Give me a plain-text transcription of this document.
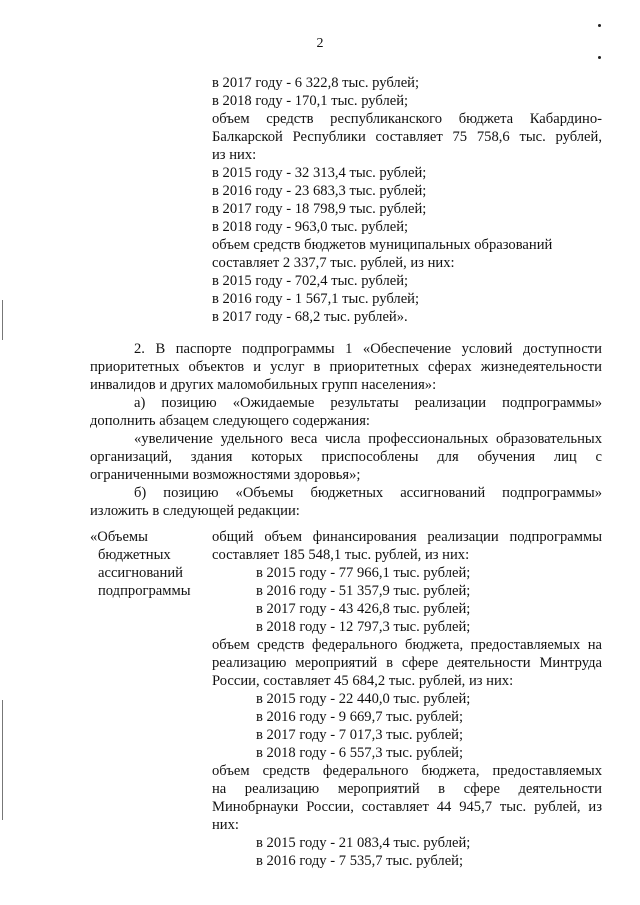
2
в 2017 году - 6 322,8 тыс. рублей;
в 2018 году - 170,1 тыс. рублей;
объем средств республиканского бюджета Кабардино-
Балкарской Республики составляет 75 758,6 тыс. рублей,
из них:
в 2015 году - 32 313,4 тыс. рублей;
в 2016 году - 23 683,3 тыс. рублей;
в 2017 году - 18 798,9 тыс. рублей;
в 2018 году - 963,0 тыс. рублей;
объем средств бюджетов муниципальных образований
составляет 2 337,7 тыс. рублей, из них:
в 2015 году - 702,4 тыс. рублей;
в 2016 году - 1 567,1 тыс. рублей;
в 2017 году - 68,2 тыс. рублей».
2. В паспорте подпрограммы 1 «Обеспечение условий доступности
приоритетных объектов и услуг в приоритетных сферах жизнедеятельности
инвалидов и других маломобильных групп населения»:
а) позицию «Ожидаемые результаты реализации подпрограммы»
дополнить абзацем следующего содержания:
«увеличение удельного веса числа профессиональных образовательных
организаций, здания которых приспособлены для обучения лиц с
ограниченными возможностями здоровья»;
б) позицию «Объемы бюджетных ассигнований подпрограммы»
изложить в следующей редакции:
«Объемы
бюджетных
ассигнований
подпрограммы
общий объем финансирования реализации подпрограммы
составляет 185 548,1 тыс. рублей, из них:
в 2015 году - 77 966,1 тыс. рублей;
в 2016 году - 51 357,9 тыс. рублей;
в 2017 году - 43 426,8 тыс. рублей;
в 2018 году - 12 797,3 тыс. рублей;
объем средств федерального бюджета, предоставляемых на
реализацию мероприятий в сфере деятельности Минтруда
России, составляет 45 684,2 тыс. рублей, из них:
в 2015 году - 22 440,0 тыс. рублей;
в 2016 году - 9 669,7 тыс. рублей;
в 2017 году - 7 017,3 тыс. рублей;
в 2018 году - 6 557,3 тыс. рублей;
объем средств федерального бюджета, предоставляемых
на реализацию мероприятий в сфере деятельности
Минобрнауки России, составляет 44 945,7 тыс. рублей, из
них:
в 2015 году - 21 083,4 тыс. рублей;
в 2016 году - 7 535,7 тыс. рублей;
